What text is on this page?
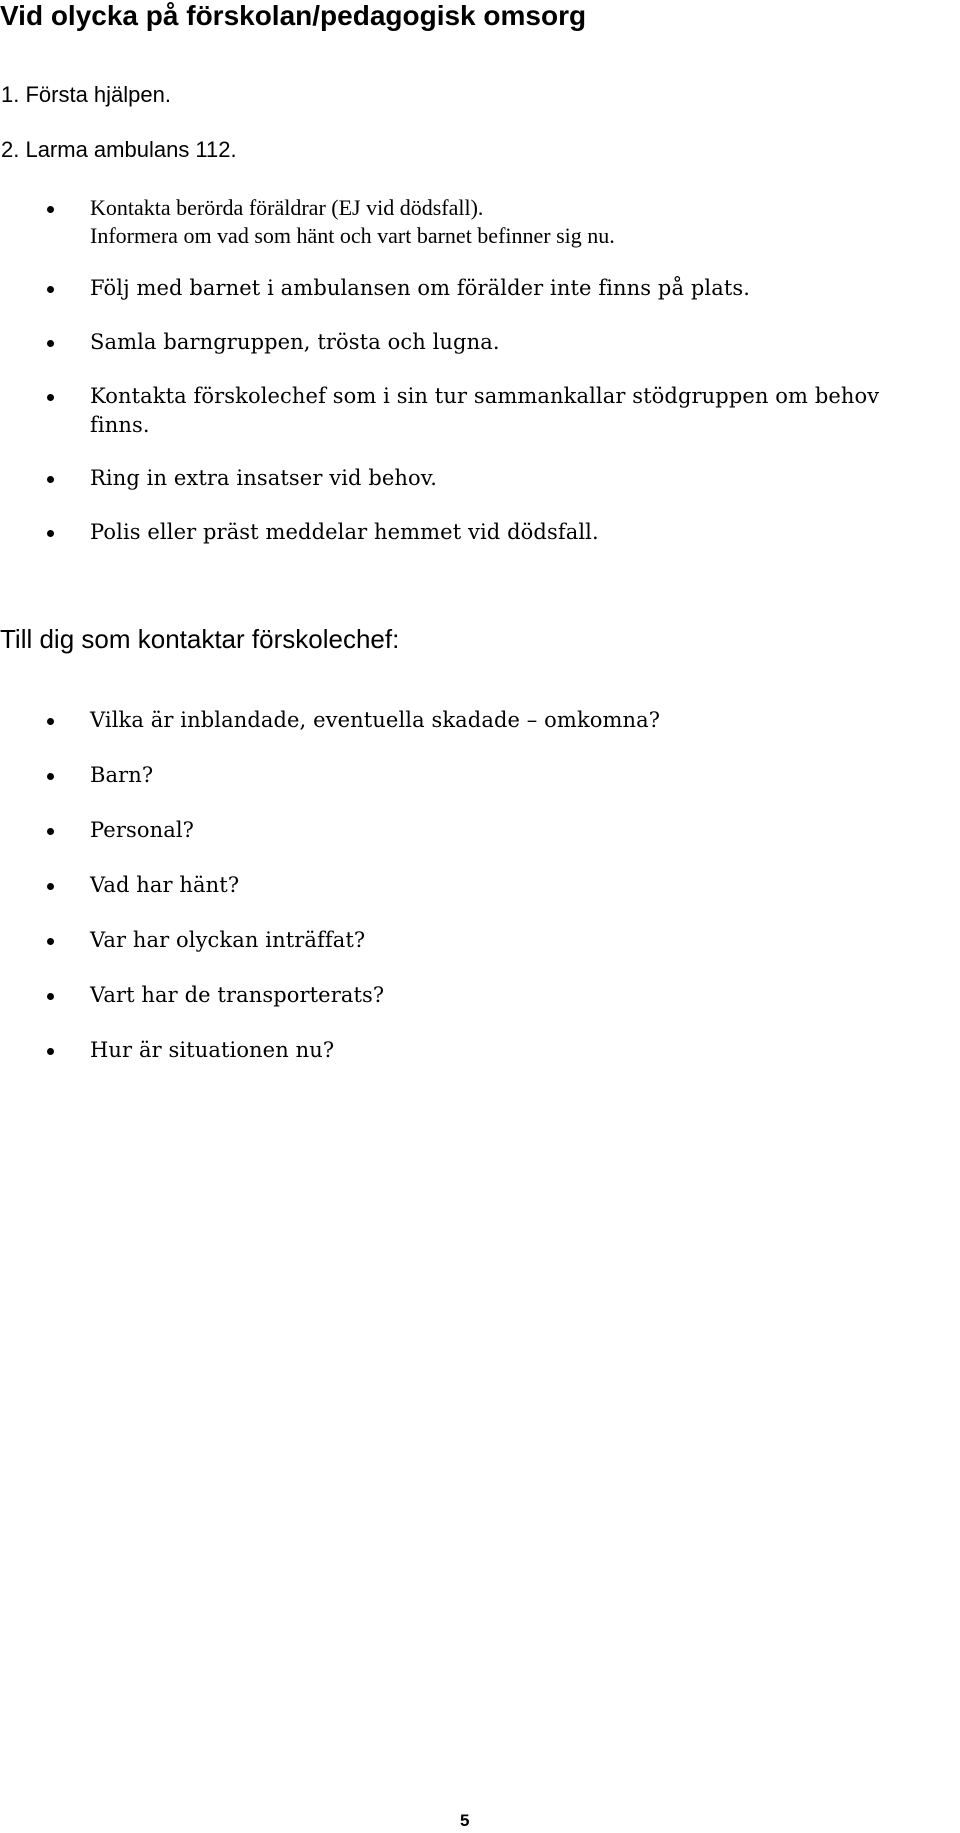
Vid olycka på förskolan/pedagogisk omsorg
1. Första hjälpen.
2. Larma ambulans 112.
Kontakta berörda föräldrar (EJ vid dödsfall).
Informera om vad som hänt och vart barnet befinner sig nu.
Följ med barnet i ambulansen om förälder inte finns på plats.
Samla barngruppen, trösta och lugna.
Kontakta förskolechef som i sin tur sammankallar stödgruppen om behov
finns.
Ring in extra insatser vid behov.
Polis eller präst meddelar hemmet vid dödsfall.
Till dig som kontaktar förskolechef:
Vilka är inblandade, eventuella skadade – omkomna?
Barn?
Personal?
Vad har hänt?
Var har olyckan inträffat?
Vart har de transporterats?
Hur är situationen nu?
5
